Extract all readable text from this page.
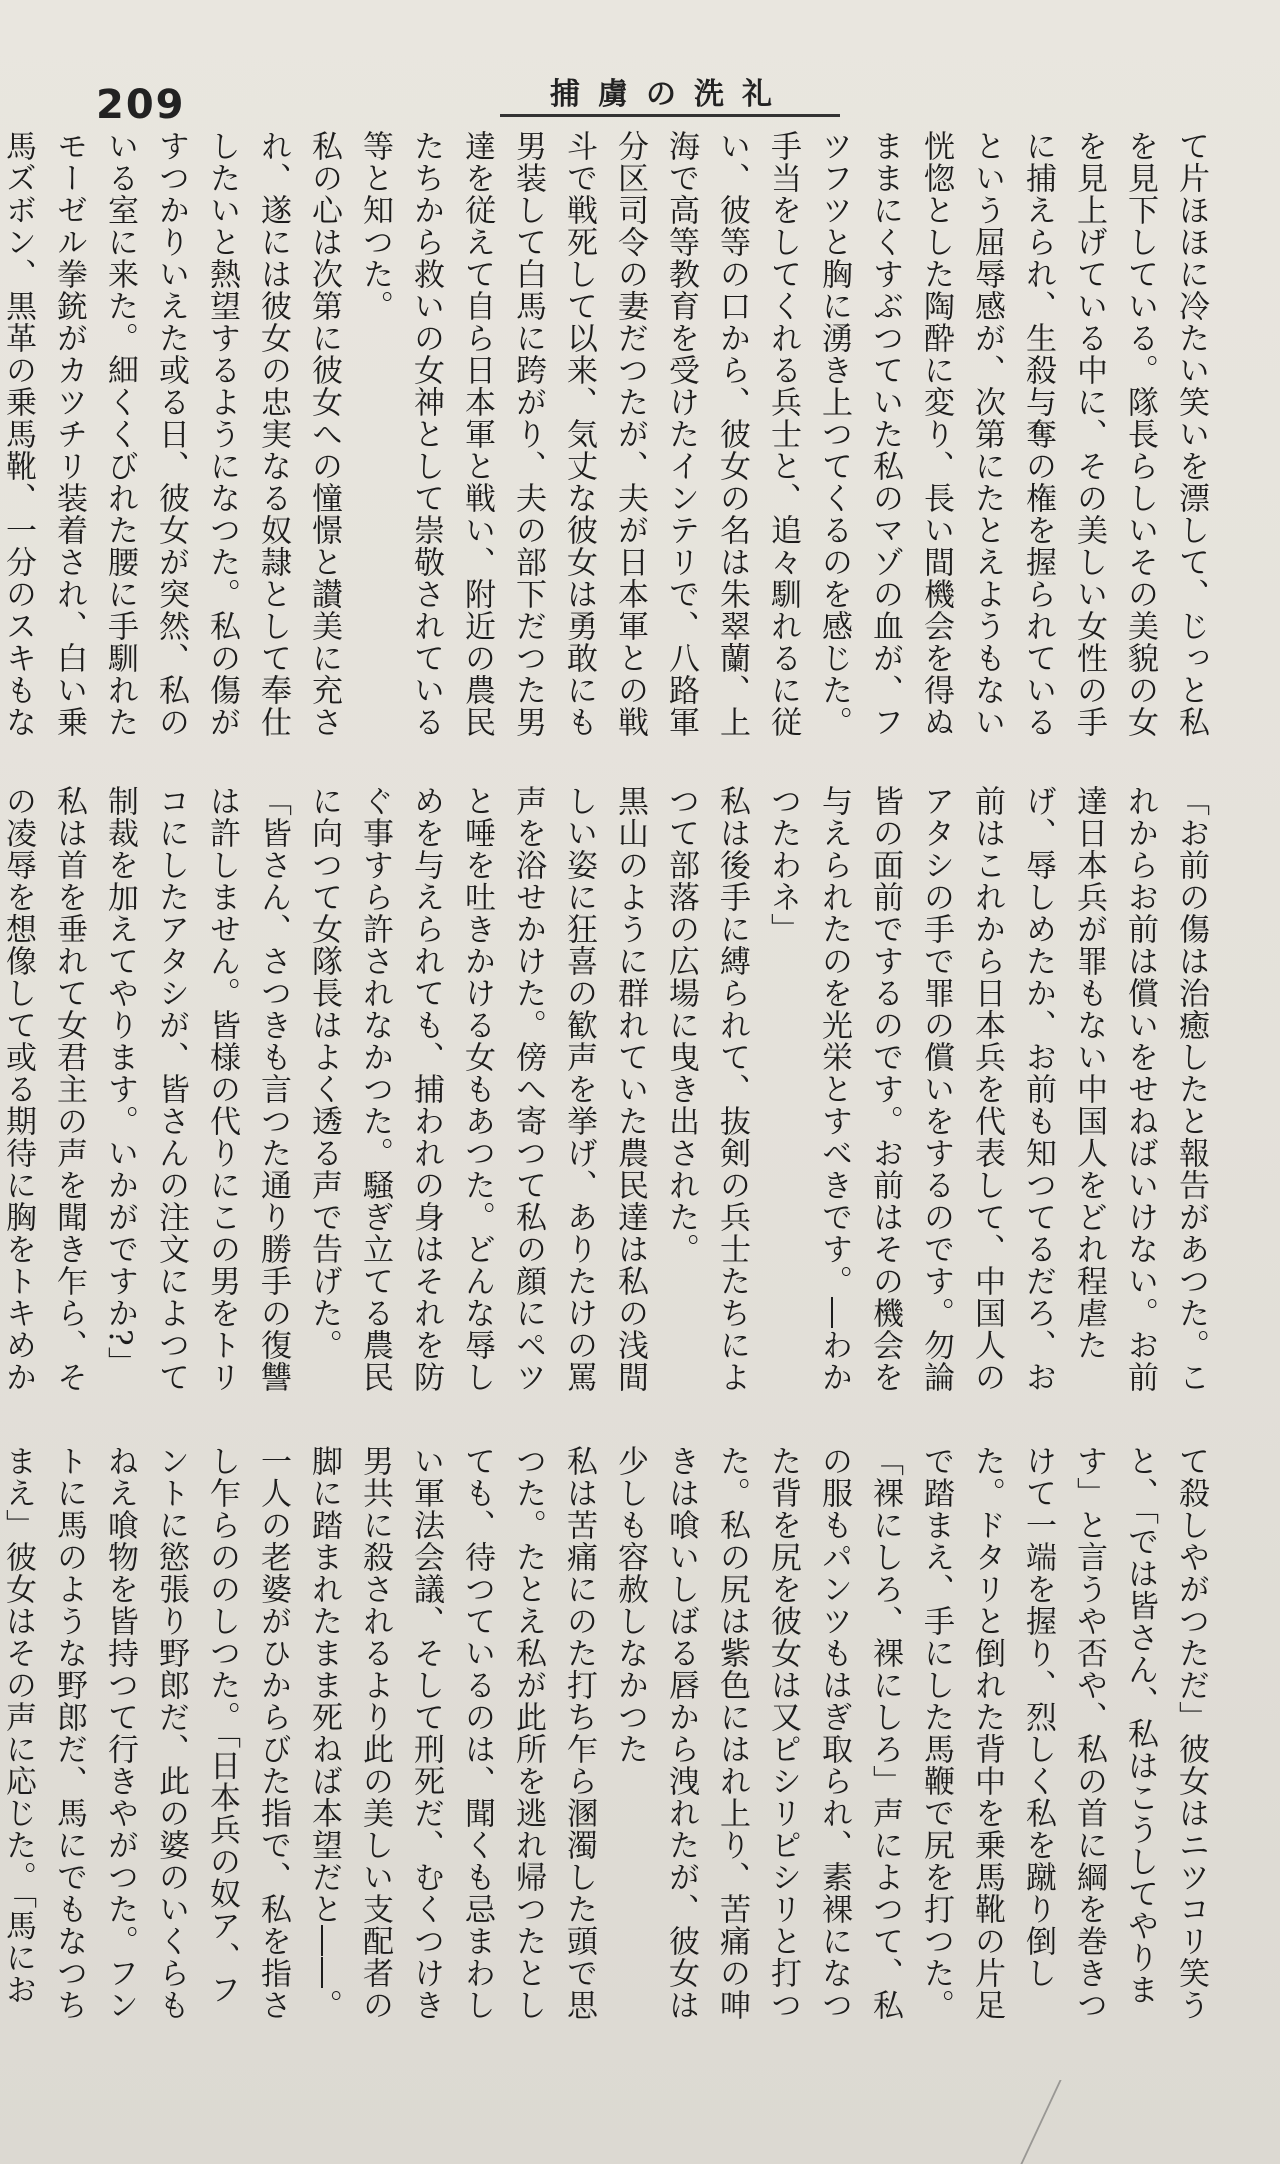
209	捕虜の洗礼

て片ほほに冷たい笑いを漂して、じっと私を見下している。隊長らしいその美貌の女を見上げている中に、その美しい女性の手に捕えられ、生殺与奪の権を握られているという屈辱感が、次第にたとえようもない恍惚とした陶酔に変り、長い間機会を得ぬままにくすぶつていた私のマゾの血が、フツフツと胸に湧き上つてくるのを感じた。

手当をしてくれる兵士と、追々馴れるに従い、彼等の口から、彼女の名は朱翠蘭、上海で高等教育を受けたインテリで、八路軍分区司令の妻だつたが、夫が日本軍との戦斗で戦死して以来、気丈な彼女は勇敢にも男装して白馬に跨がり、夫の部下だつた男達を従えて自ら日本軍と戦い、附近の農民たちから救いの女神として崇敬されている等と知つた。

私の心は次第に彼女への憧憬と讃美に充され、遂には彼女の忠実なる奴隷として奉仕したいと熱望するようになつた。私の傷がすつかりいえた或る日、彼女が突然、私のいる室に来た。細くくびれた腰に手馴れたモーゼル拳銃がカツチリ装着され、白い乗馬ズボン、黒革の乗馬靴、一分のスキもな

「お前の傷は治癒したと報告があつた。これからお前は償いをせねばいけない。お前達日本兵が罪もない中国人をどれ程虐たげ、辱しめたか、お前も知つてるだろ、お前はこれから日本兵を代表して、中国人のアタシの手で罪の償いをするのです。勿論皆の面前でするのです。お前はその機会を与えられたのを光栄とすべきです。―わかつたわネ」

私は後手に縛られて、抜剣の兵士たちによつて部落の広場に曳き出された。

黒山のように群れていた農民達は私の浅間しい姿に狂喜の歓声を挙げ、ありたけの罵声を浴せかけた。傍へ寄つて私の顔にペツと唾を吐きかける女もあつた。どんな辱しめを与えられても、捕われの身はそれを防ぐ事すら許されなかつた。騒ぎ立てる農民に向つて女隊長はよく透る声で告げた。

「皆さん、さつきも言つた通り勝手の復讐は許しません。皆様の代りにこの男をトリコにしたアタシが、皆さんの注文によつて制裁を加えてやります。いかがですか?」

私は首を垂れて女君主の声を聞き乍ら、その凌辱を想像して或る期待に胸をトキめか

て殺しやがつただ」彼女はニツコリ笑うと、「では皆さん、私はこうしてやります」と言うや否や、私の首に綱を巻きつけて一端を握り、烈しく私を蹴り倒した。ドタリと倒れた背中を乗馬靴の片足で踏まえ、手にした馬鞭で尻を打つた。

「裸にしろ、裸にしろ」声によつて、私の服もパンツもはぎ取られ、素裸になつた背を尻を彼女は又ピシリピシリと打つた。私の尻は紫色にはれ上り、苦痛の呻きは喰いしばる唇から洩れたが、彼女は少しも容赦しなかつた

私は苦痛にのた打ち乍ら溷濁した頭で思つた。たとえ私が此所を逃れ帰つたとしても、待つているのは、聞くも忌まわしい軍法会議、そして刑死だ、むくつけき男共に殺されるより此の美しい支配者の脚に踏まれたまま死ねば本望だと――。

一人の老婆がひからびた指で、私を指さし乍らののしつた。「日本兵の奴ア、フントに慾張り野郎だ、此の婆のいくらもねえ喰物を皆持つて行きやがつた。フントに馬のような野郎だ、馬にでもなつちまえ」彼女はその声に応じた。「馬にお
